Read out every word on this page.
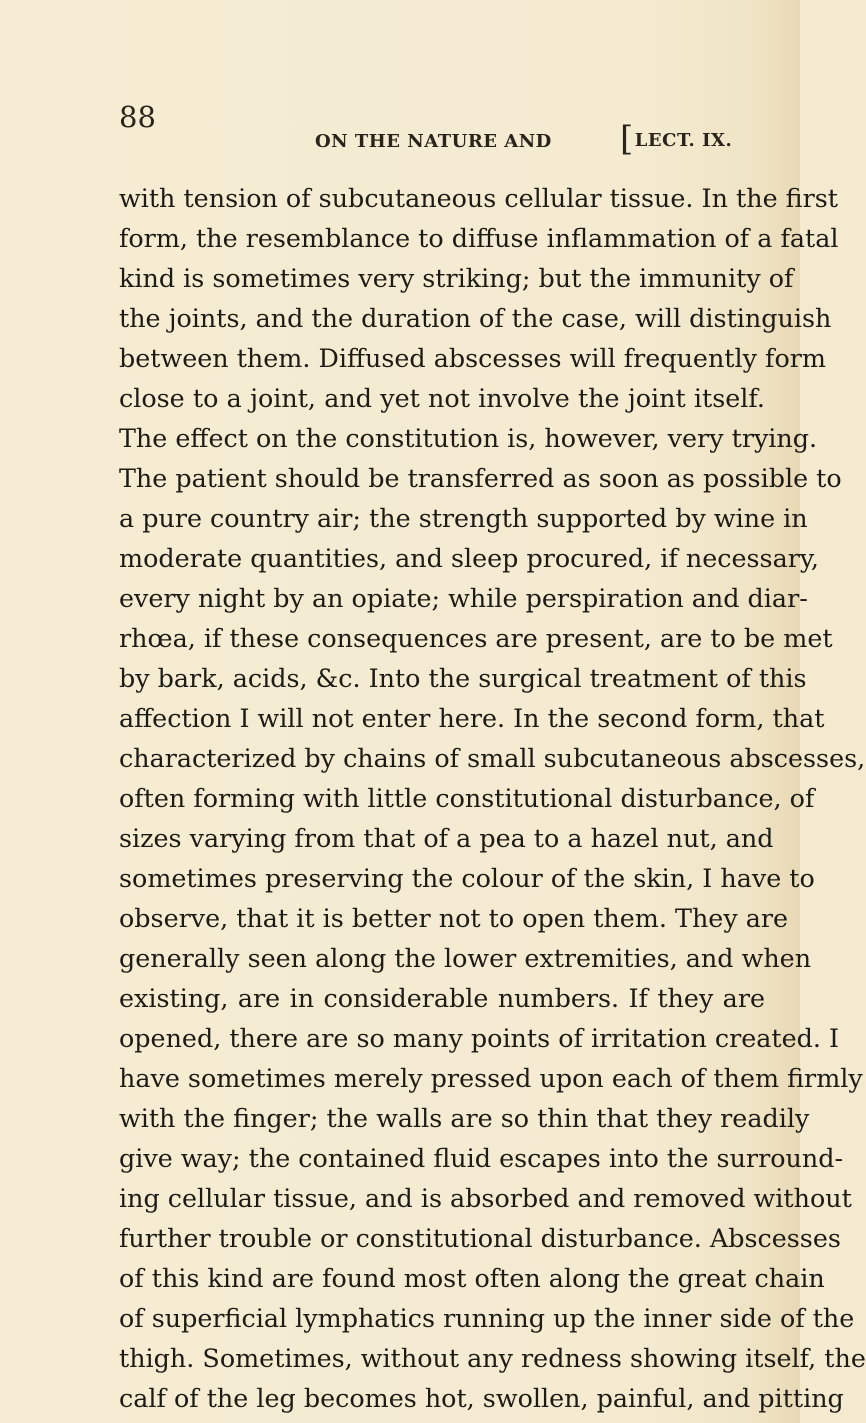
88
ON THE NATURE AND [LECT. IX.
with tension of subcutaneous cellular tissue. In the first
form, the resemblance to diffuse inflammation of a fatal
kind is sometimes very striking; but the immunity of
the joints, and the duration of the case, will distinguish
between them. Diffused abscesses will frequently form
close to a joint, and yet not involve the joint itself.
The effect on the constitution is, however, very trying.
The patient should be transferred as soon as possible to
a pure country air; the strength supported by wine in
moderate quantities, and sleep procured, if necessary,
every night by an opiate; while perspiration and diar-
rhœa, if these consequences are present, are to be met
by bark, acids, &c. Into the surgical treatment of this
affection I will not enter here. In the second form, that
characterized by chains of small subcutaneous abscesses,
often forming with little constitutional disturbance, of
sizes varying from that of a pea to a hazel nut, and
sometimes preserving the colour of the skin, I have to
observe, that it is better not to open them. They are
generally seen along the lower extremities, and when
existing, are in considerable numbers. If they are
opened, there are so many points of irritation created. I
have sometimes merely pressed upon each of them firmly
with the finger; the walls are so thin that they readily
give way; the contained fluid escapes into the surround-
ing cellular tissue, and is absorbed and removed without
further trouble or constitutional disturbance. Abscesses
of this kind are found most often along the great chain
of superficial lymphatics running up the inner side of the
thigh. Sometimes, without any redness showing itself, the
calf of the leg becomes hot, swollen, painful, and pitting
